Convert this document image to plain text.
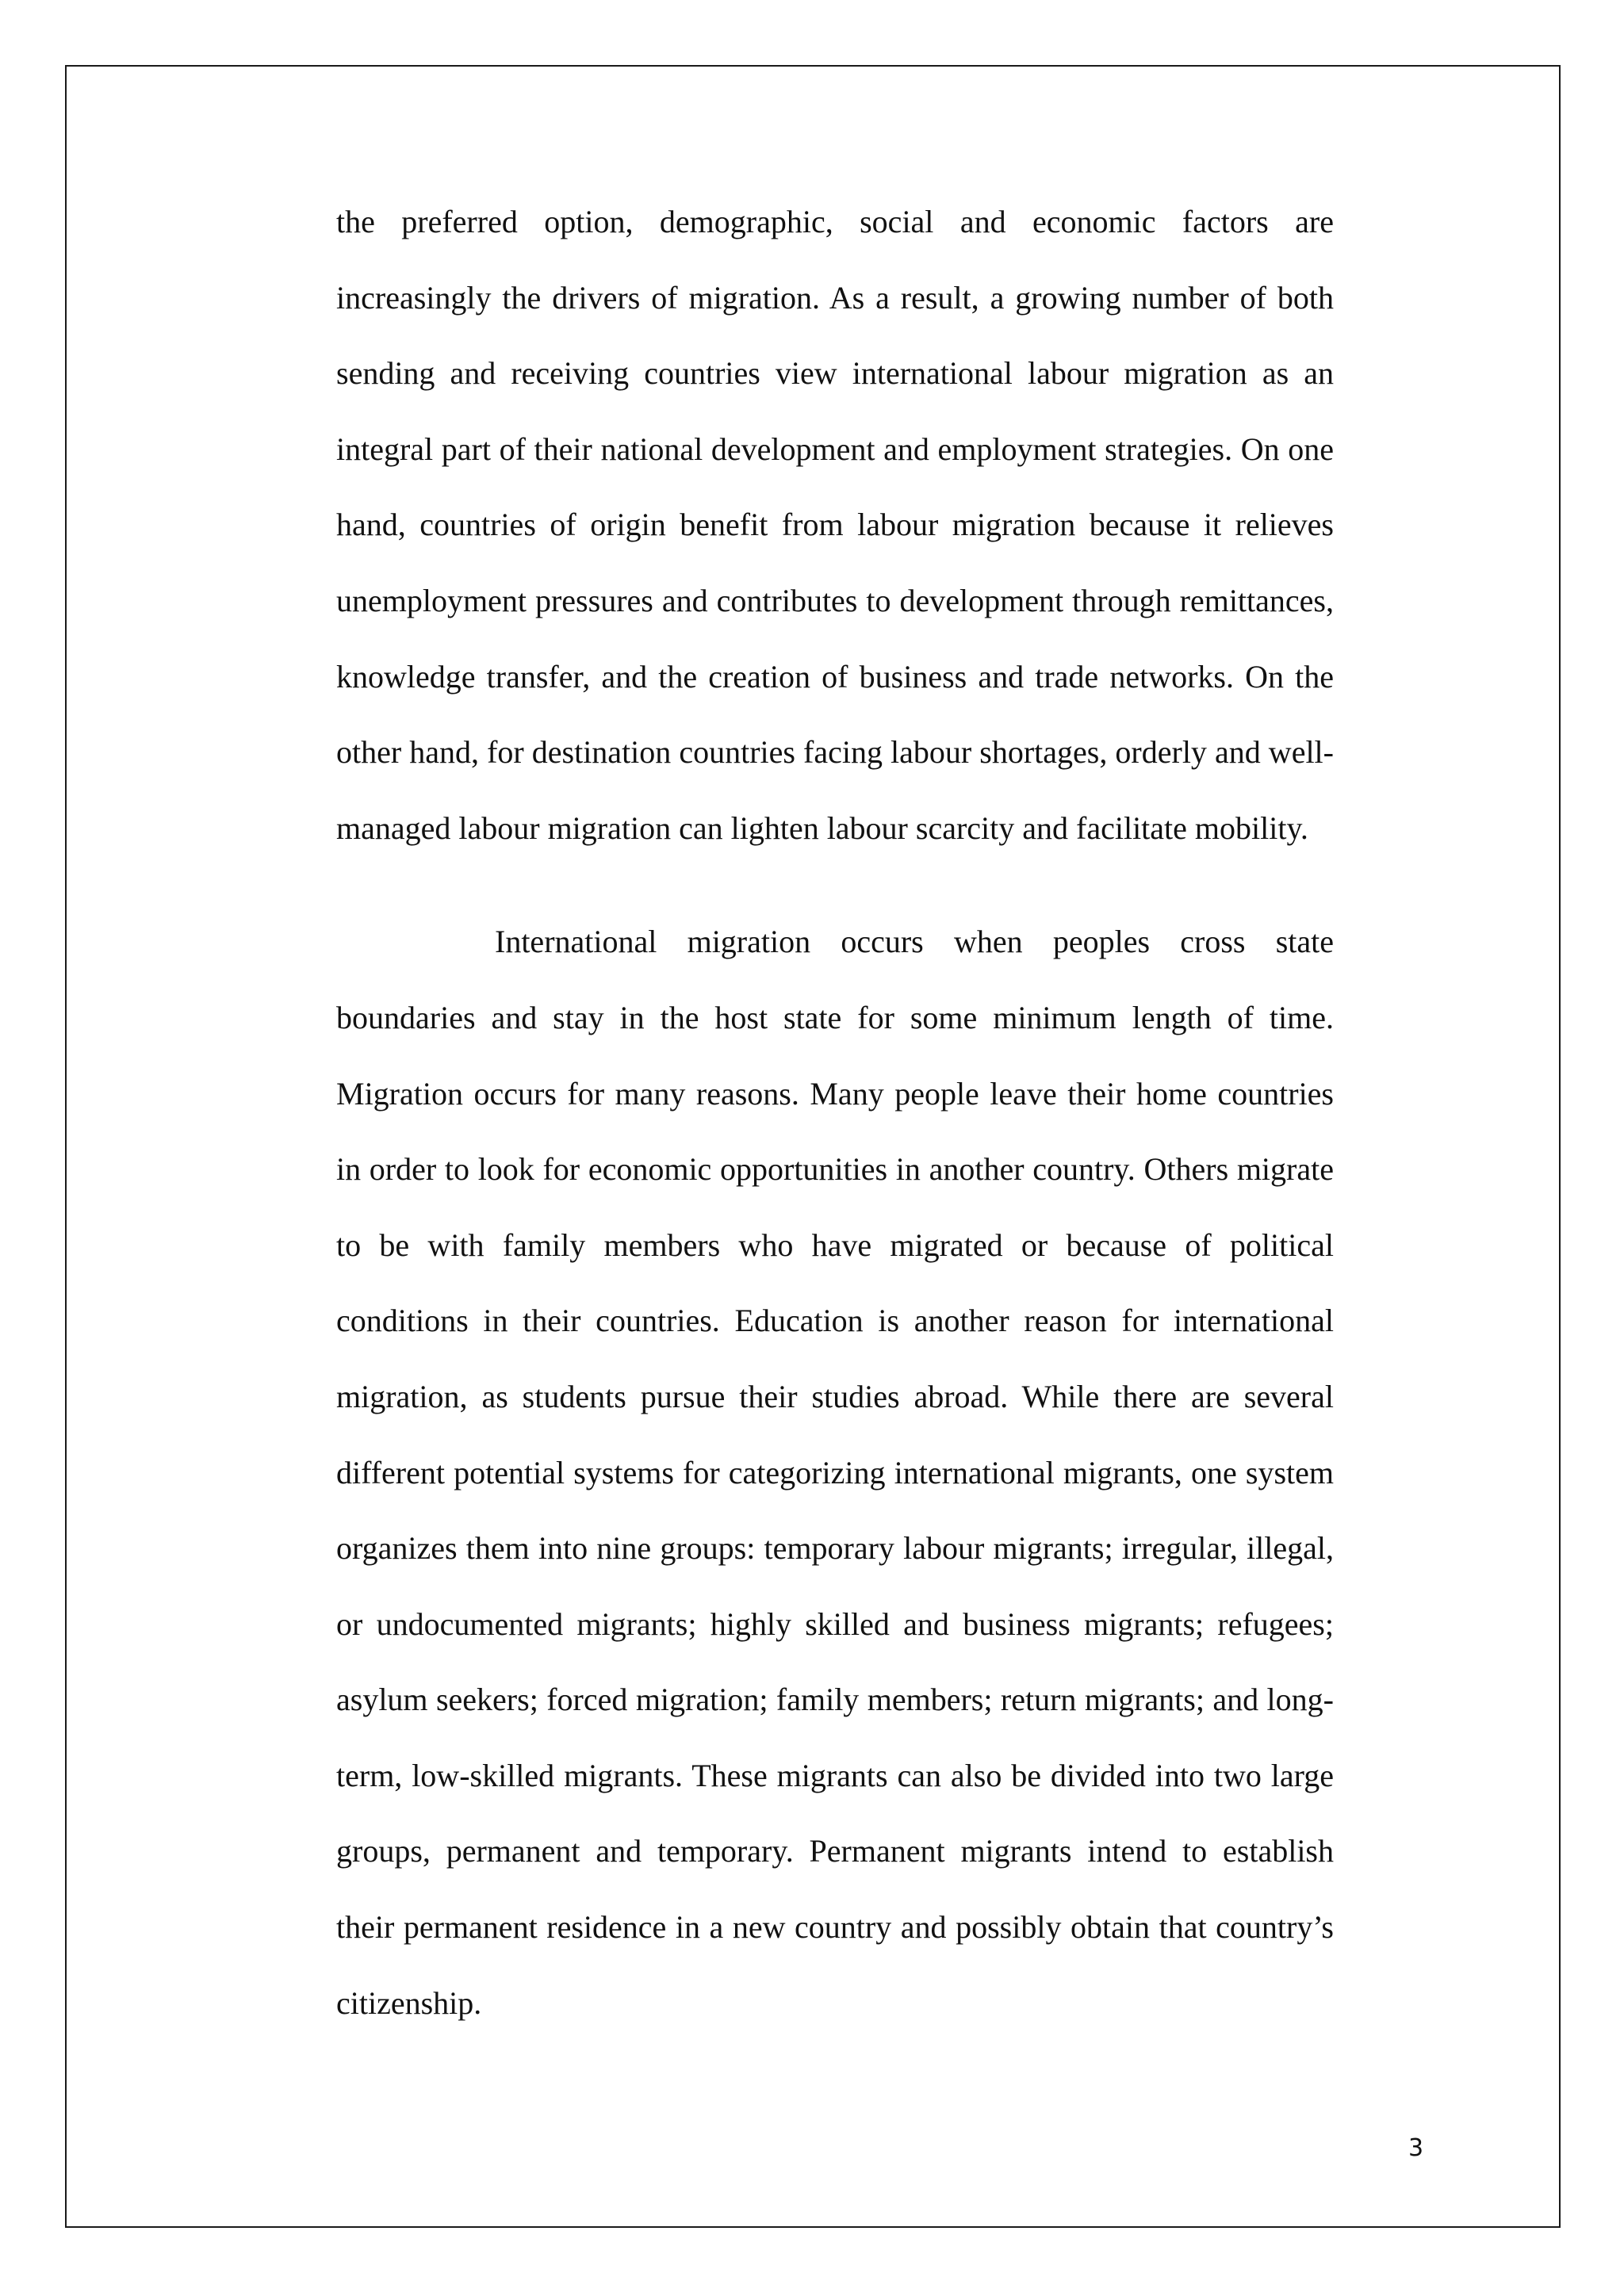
the preferred option, demographic, social and economic factors are increasingly the drivers of migration. As a result, a growing number of both sending and receiving countries view international labour migration as an integral part of their national development and employment strategies. On one hand, countries of origin benefit from labour migration because it relieves unemployment pressures and contributes to development through remittances, knowledge transfer, and the creation of business and trade networks. On the other hand, for destination countries facing labour shortages, orderly and well-managed labour migration can lighten labour scarcity and facilitate mobility.

International migration occurs when peoples cross state boundaries and stay in the host state for some minimum length of time. Migration occurs for many reasons. Many people leave their home countries in order to look for economic opportunities in another country. Others migrate to be with family members who have migrated or because of political conditions in their countries. Education is another reason for international migration, as students pursue their studies abroad. While there are several different potential systems for categorizing international migrants, one system organizes them into nine groups: temporary labour migrants; irregular, illegal, or undocumented migrants; highly skilled and business migrants; refugees; asylum seekers; forced migration; family members; return migrants; and long-term, low-skilled migrants. These migrants can also be divided into two large groups, permanent and temporary. Permanent migrants intend to establish their permanent residence in a new country and possibly obtain that country’s citizenship.

3
